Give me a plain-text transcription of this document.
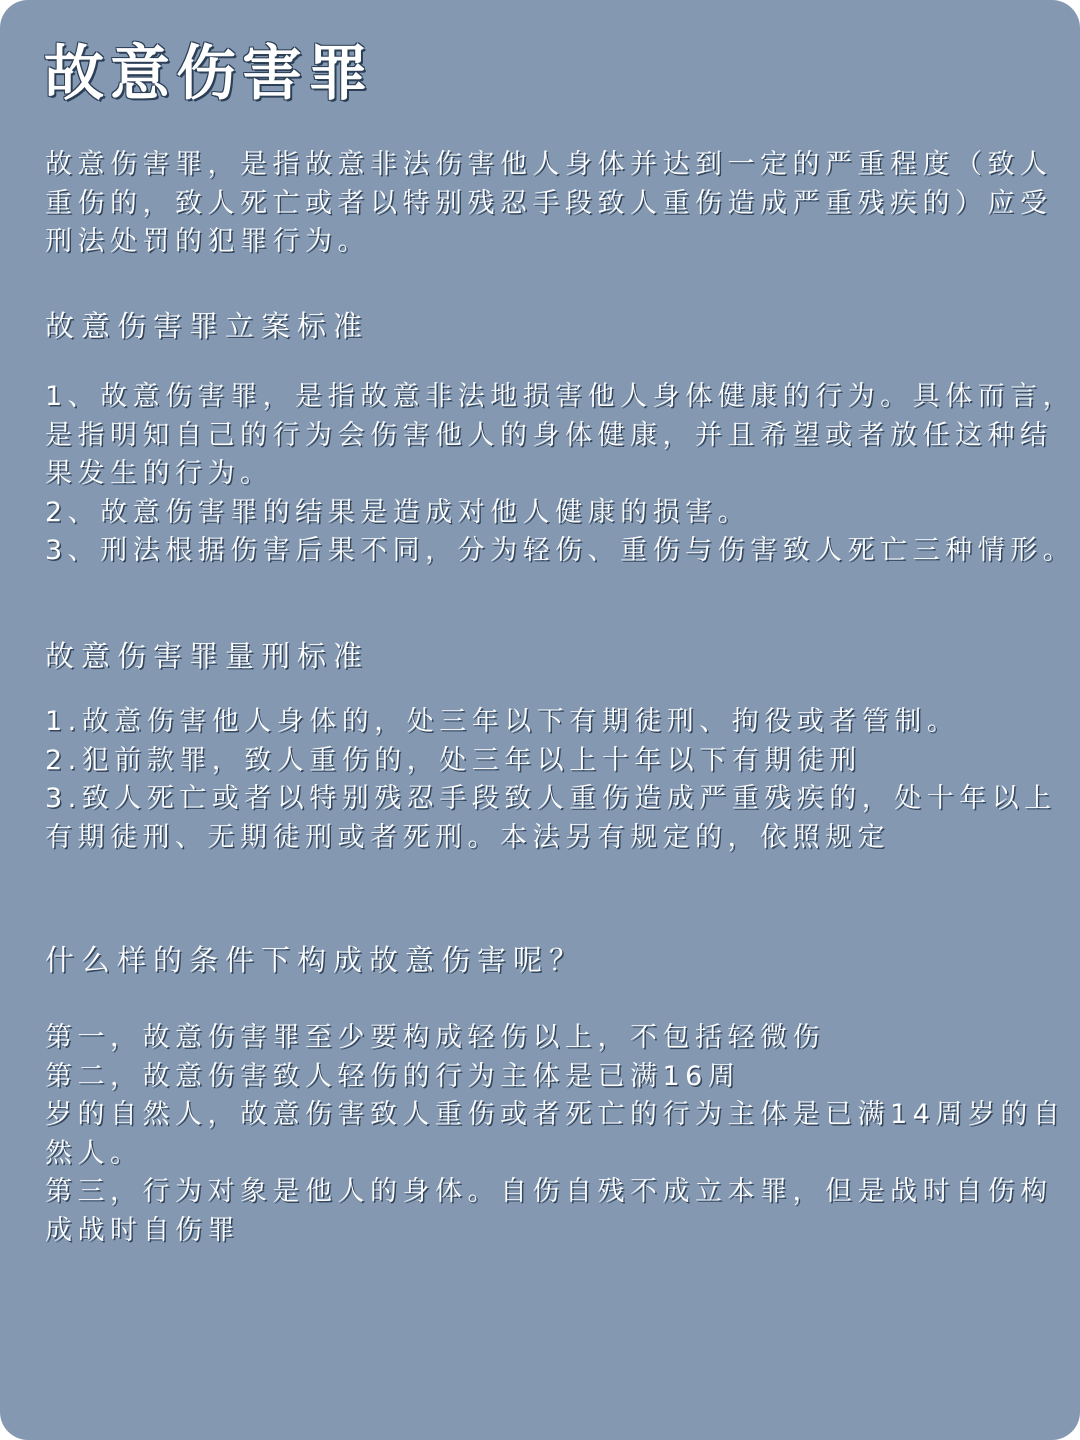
故意伤害罪
故意伤害罪，是指故意非法伤害他人身体并达到一定的严重程度（致人
重伤的，致人死亡或者以特别残忍手段致人重伤造成严重残疾的）应受
刑法处罚的犯罪行为。
故意伤害罪立案标准
1、故意伤害罪，是指故意非法地损害他人身体健康的行为。具体而言，
是指明知自己的行为会伤害他人的身体健康，并且希望或者放任这种结
果发生的行为。
2、故意伤害罪的结果是造成对他人健康的损害。
3、刑法根据伤害后果不同，分为轻伤、重伤与伤害致人死亡三种情形。
故意伤害罪量刑标准
1.故意伤害他人身体的，处三年以下有期徒刑、拘役或者管制。
2.犯前款罪，致人重伤的，处三年以上十年以下有期徒刑
3.致人死亡或者以特别残忍手段致人重伤造成严重残疾的，处十年以上
有期徒刑、无期徒刑或者死刑。本法另有规定的，依照规定
什么样的条件下构成故意伤害呢？
第一，故意伤害罪至少要构成轻伤以上，不包括轻微伤
第二，故意伤害致人轻伤的行为主体是已满16周
岁的自然人，故意伤害致人重伤或者死亡的行为主体是已满14周岁的自
然人。
第三，行为对象是他人的身体。自伤自残不成立本罪，但是战时自伤构
成战时自伤罪
